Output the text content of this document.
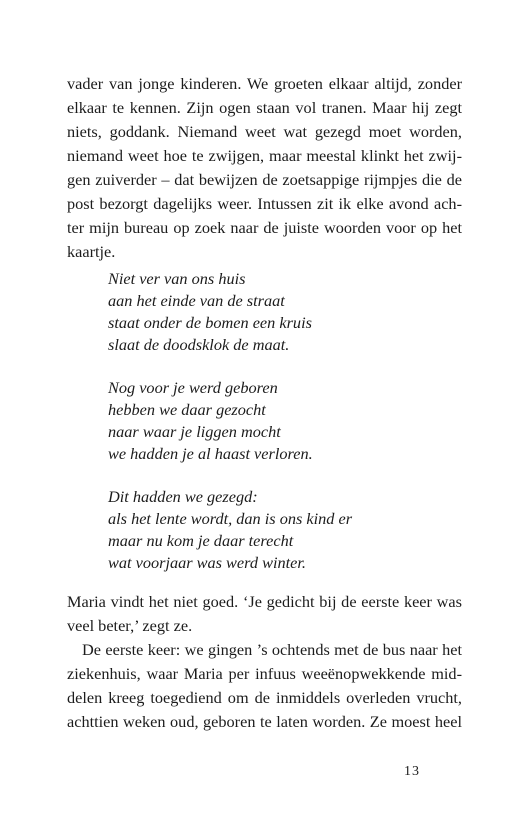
vader van jonge kinderen. We groeten elkaar altijd, zonder
elkaar te kennen. Zijn ogen staan vol tranen. Maar hij zegt
niets, goddank. Niemand weet wat gezegd moet worden,
niemand weet hoe te zwijgen, maar meestal klinkt het zwij-
gen zuiverder – dat bewijzen de zoetsappige rijmpjes die de
post bezorgt dagelijks weer. Intussen zit ik elke avond ach-
ter mijn bureau op zoek naar de juiste woorden voor op het
kaartje.
Niet ver van ons huis
aan het einde van de straat
staat onder de bomen een kruis
slaat de doodsklok de maat.
Nog voor je werd geboren
hebben we daar gezocht
naar waar je liggen mocht
we hadden je al haast verloren.
Dit hadden we gezegd:
als het lente wordt, dan is ons kind er
maar nu kom je daar terecht
wat voorjaar was werd winter.
Maria vindt het niet goed. ‘Je gedicht bij de eerste keer was
veel beter,’ zegt ze.
De eerste keer: we gingen ’s ochtends met de bus naar het
ziekenhuis, waar Maria per infuus weeënopwekkende mid-
delen kreeg toegediend om de inmiddels overleden vrucht,
achttien weken oud, geboren te laten worden. Ze moest heel
13
